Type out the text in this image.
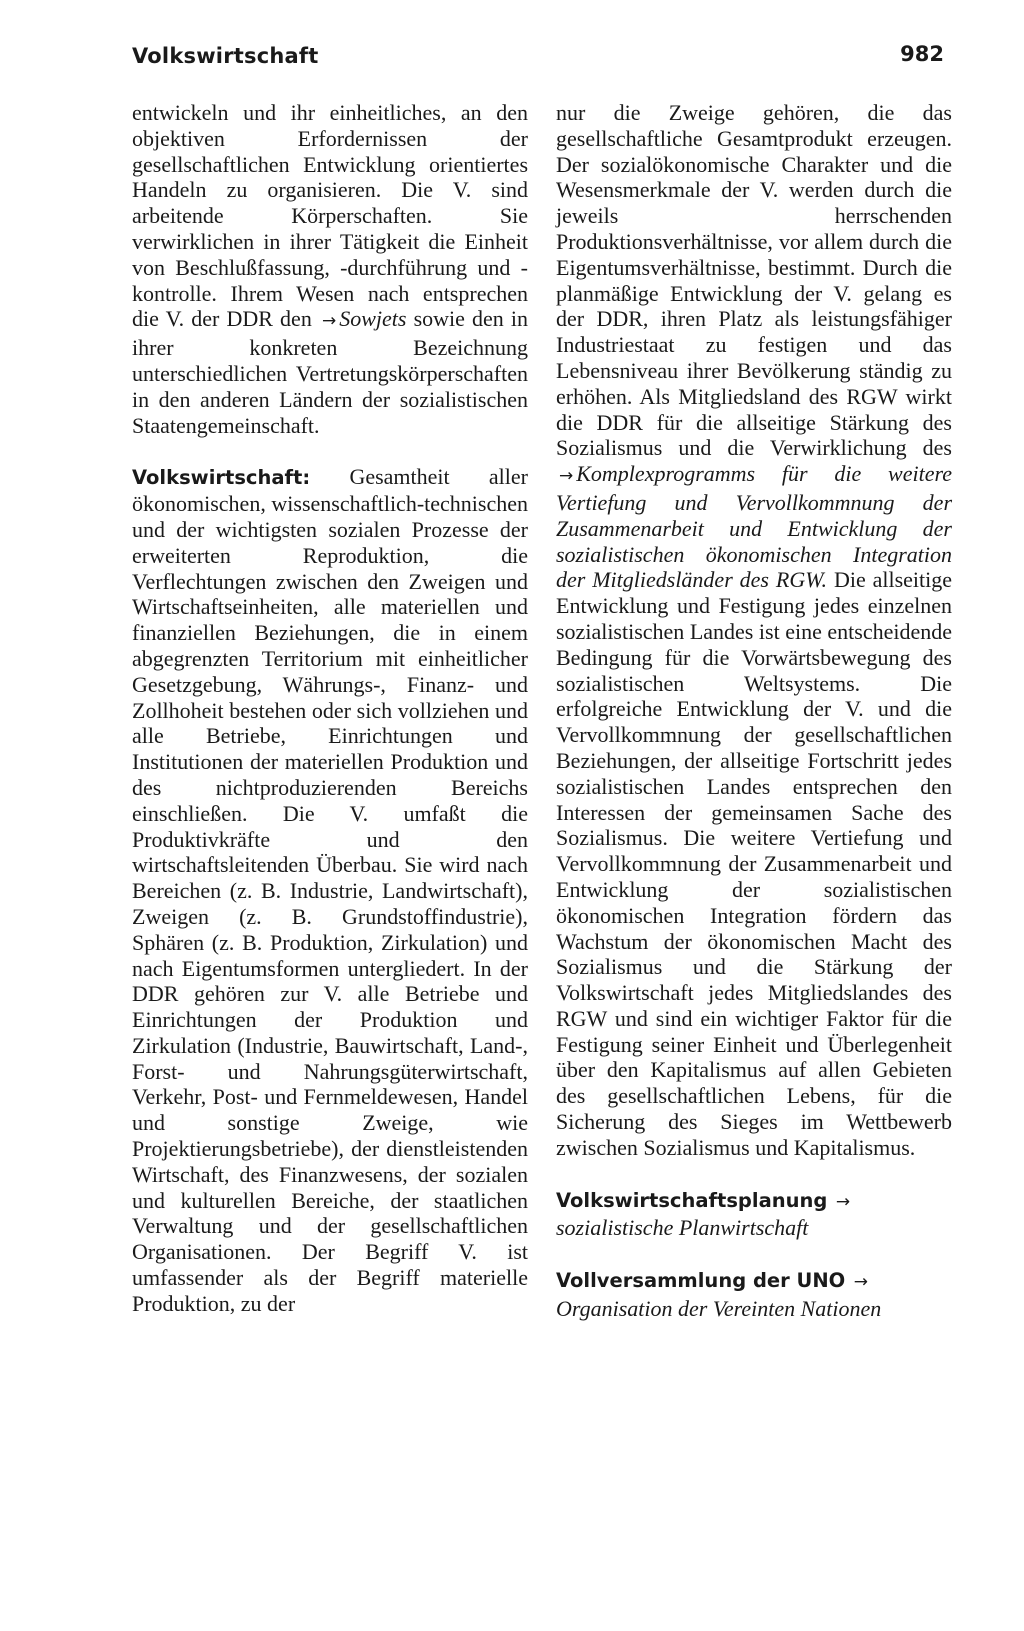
Volkswirtschaft	982

entwickeln und ihr einheitliches, an den objektiven Erfordernissen der gesellschaftlichen Entwicklung orientiertes Handeln zu organisieren. Die V. sind arbeitende Körperschaften. Sie verwirklichen in ihrer Tätigkeit die Einheit von Beschlußfassung, -durchführung und -kontrolle. Ihrem Wesen nach entsprechen die V. der DDR den → Sowjets sowie den in ihrer konkreten Bezeichnung unterschiedlichen Vertretungskörperschaften in den anderen Ländern der sozialistischen Staatengemeinschaft.

Volkswirtschaft: Gesamtheit aller ökonomischen, wissenschaftlich-technischen und der wichtigsten sozialen Prozesse der erweiterten Reproduktion, die Verflechtungen zwischen den Zweigen und Wirtschaftseinheiten, alle materiellen und finanziellen Beziehungen, die in einem abgegrenzten Territorium mit einheitlicher Gesetzgebung, Währungs-, Finanz- und Zollhoheit bestehen oder sich vollziehen und alle Betriebe, Einrichtungen und Institutionen der materiellen Produktion und des nichtproduzierenden Bereichs einschließen. Die V. umfaßt die Produktivkräfte und den wirtschaftsleitenden Überbau. Sie wird nach Bereichen (z. B. Industrie, Landwirtschaft), Zweigen (z. B. Grundstoffindustrie), Sphären (z. B. Produktion, Zirkulation) und nach Eigentumsformen untergliedert. In der DDR gehören zur V. alle Betriebe und Einrichtungen der Produktion und Zirkulation (Industrie, Bauwirtschaft, Land-, Forst- und Nahrungsgüterwirtschaft, Verkehr, Post- und Fernmeldewesen, Handel und sonstige Zweige, wie Projektierungsbetriebe), der dienstleistenden Wirtschaft, des Finanzwesens, der sozialen und kulturellen Bereiche, der staatlichen Verwaltung und der gesellschaftlichen Organisationen. Der Begriff V. ist umfassender als der Begriff materielle Produktion, zu der

nur die Zweige gehören, die das gesellschaftliche Gesamtprodukt erzeugen. Der sozialökonomische Charakter und die Wesensmerkmale der V. werden durch die jeweils herrschenden Produktionsverhältnisse, vor allem durch die Eigentumsverhältnisse, bestimmt. Durch die planmäßige Entwicklung der V. gelang es der DDR, ihren Platz als leistungsfähiger Industriestaat zu festigen und das Lebensniveau ihrer Bevölkerung ständig zu erhöhen. Als Mitgliedsland des RGW wirkt die DDR für die allseitige Stärkung des Sozialismus und die Verwirklichung des → Komplexprogramms für die weitere Vertiefung und Vervollkommnung der Zusammenarbeit und Entwicklung der sozialistischen ökonomischen Integration der Mitgliedsländer des RGW. Die allseitige Entwicklung und Festigung jedes einzelnen sozialistischen Landes ist eine entscheidende Bedingung für die Vorwärtsbewegung des sozialistischen Weltsystems. Die erfolgreiche Entwicklung der V. und die Vervollkommnung der gesellschaftlichen Beziehungen, der allseitige Fortschritt jedes sozialistischen Landes entsprechen den Interessen der gemeinsamen Sache des Sozialismus. Die weitere Vertiefung und Vervollkommnung der Zusammenarbeit und Entwicklung der sozialistischen ökonomischen Integration fördern das Wachstum der ökonomischen Macht des Sozialismus und die Stärkung der Volkswirtschaft jedes Mitgliedslandes des RGW und sind ein wichtiger Faktor für die Festigung seiner Einheit und Überlegenheit über den Kapitalismus auf allen Gebieten des gesellschaftlichen Lebens, für die Sicherung des Sieges im Wettbewerb zwischen Sozialismus und Kapitalismus.

Volkswirtschaftsplanung → sozialistische Planwirtschaft

Vollversammlung der UNO → Organisation der Vereinten Nationen
